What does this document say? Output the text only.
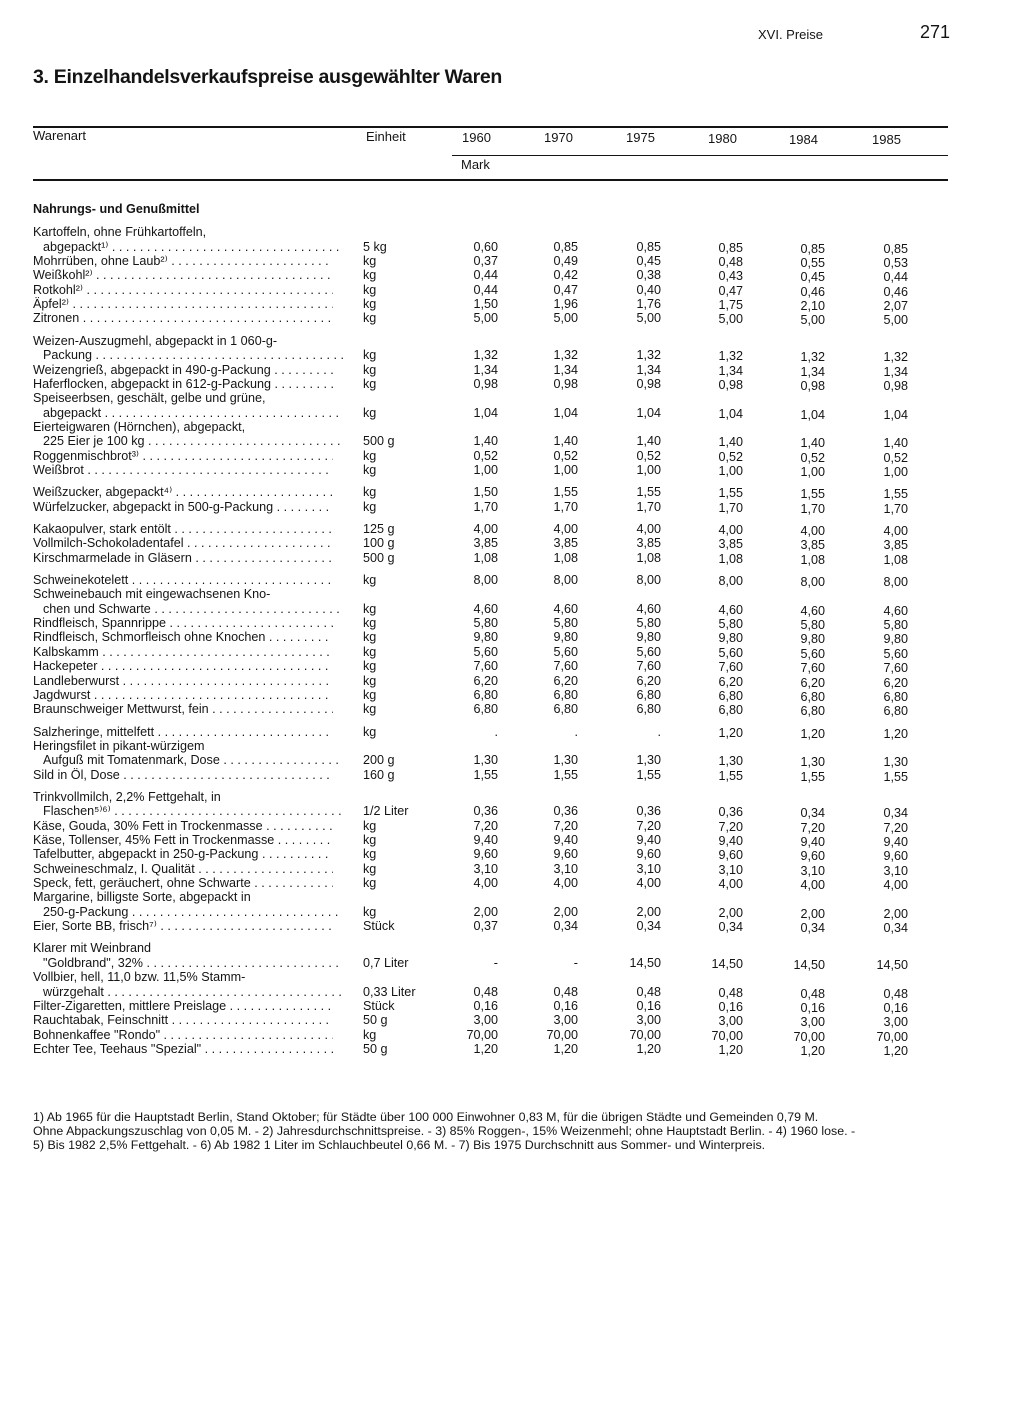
XVI. Preise	271
3. Einzelhandelsverkaufspreise ausgewählter Waren
Warenart	Einheit	1960	1970	1975	1980	1984	1985
Mark
Nahrungs- und Genußmittel
Kartoffeln, ohne Frühkartoffeln,
abgepackt¹⁾ . . .	5 kg	0,60	0,85	0,85	0,85	0,85	0,85
Mohrrüben, ohne Laub²⁾ . . .	kg	0,37	0,49	0,45	0,48	0,55	0,53
Weißkohl²⁾ . . .	kg	0,44	0,42	0,38	0,43	0,45	0,44
Rotkohl²⁾ . . .	kg	0,44	0,47	0,40	0,47	0,46	0,46
Äpfel²⁾ . . .	kg	1,50	1,96	1,76	1,75	2,10	2,07
Zitronen . . .	kg	5,00	5,00	5,00	5,00	5,00	5,00
Weizen-Auszugmehl, abgepackt in 1 060-g-
Packung . . .	kg	1,32	1,32	1,32	1,32	1,32	1,32
Weizengrieß, abgepackt in 490-g-Packung . . .	kg	1,34	1,34	1,34	1,34	1,34	1,34
Haferflocken, abgepackt in 612-g-Packung . . .	kg	0,98	0,98	0,98	0,98	0,98	0,98
Speiseerbsen, geschält, gelbe und grüne,
abgepackt . . .	kg	1,04	1,04	1,04	1,04	1,04	1,04
Eierteigwaren (Hörnchen), abgepackt,
225 Eier je 100 kg . . .	500 g	1,40	1,40	1,40	1,40	1,40	1,40
Roggenmischbrot³⁾ . . .	kg	0,52	0,52	0,52	0,52	0,52	0,52
Weißbrot . . .	kg	1,00	1,00	1,00	1,00	1,00	1,00
Weißzucker, abgepackt⁴⁾ . . .	kg	1,50	1,55	1,55	1,55	1,55	1,55
Würfelzucker, abgepackt in 500-g-Packung . . .	kg	1,70	1,70	1,70	1,70	1,70	1,70
Kakaopulver, stark entölt . . .	125 g	4,00	4,00	4,00	4,00	4,00	4,00
Vollmilch-Schokoladentafel . . .	100 g	3,85	3,85	3,85	3,85	3,85	3,85
Kirschmarmelade in Gläsern . . .	500 g	1,08	1,08	1,08	1,08	1,08	1,08
Schweinekotelett . . .	kg	8,00	8,00	8,00	8,00	8,00	8,00
Schweinebauch mit eingewachsenen Kno-
chen und Schwarte . . .	kg	4,60	4,60	4,60	4,60	4,60	4,60
Rindfleisch, Spannrippe . . .	kg	5,80	5,80	5,80	5,80	5,80	5,80
Rindfleisch, Schmorfleisch ohne Knochen . . .	kg	9,80	9,80	9,80	9,80	9,80	9,80
Kalbskamm . . .	kg	5,60	5,60	5,60	5,60	5,60	5,60
Hackepeter . . .	kg	7,60	7,60	7,60	7,60	7,60	7,60
Landleberwurst . . .	kg	6,20	6,20	6,20	6,20	6,20	6,20
Jagdwurst . . .	kg	6,80	6,80	6,80	6,80	6,80	6,80
Braunschweiger Mettwurst, fein . . .	kg	6,80	6,80	6,80	6,80	6,80	6,80
Salzheringe, mittelfett . . .	kg	.	.	.	1,20	1,20	1,20
Heringsfilet in pikant-würzigem
Aufguß mit Tomatenmark, Dose . . .	200 g	1,30	1,30	1,30	1,30	1,30	1,30
Sild in Öl, Dose . . .	160 g	1,55	1,55	1,55	1,55	1,55	1,55
Trinkvollmilch, 2,2% Fettgehalt, in
Flaschen⁵⁾⁶⁾ . . .	1/2 Liter	0,36	0,36	0,36	0,36	0,34	0,34
Käse, Gouda, 30% Fett in Trockenmasse . . .	kg	7,20	7,20	7,20	7,20	7,20	7,20
Käse, Tollenser, 45% Fett in Trockenmasse . . .	kg	9,40	9,40	9,40	9,40	9,40	9,40
Tafelbutter, abgepackt in 250-g-Packung . . .	kg	9,60	9,60	9,60	9,60	9,60	9,60
Schweineschmalz, I. Qualität . . .	kg	3,10	3,10	3,10	3,10	3,10	3,10
Speck, fett, geräuchert, ohne Schwarte . . .	kg	4,00	4,00	4,00	4,00	4,00	4,00
Margarine, billigste Sorte, abgepackt in
250-g-Packung . . .	kg	2,00	2,00	2,00	2,00	2,00	2,00
Eier, Sorte BB, frisch⁷⁾ . . .	Stück	0,37	0,34	0,34	0,34	0,34	0,34
Klarer mit Weinbrand
"Goldbrand", 32% . . .	0,7 Liter	-	-	14,50	14,50	14,50	14,50
Vollbier, hell, 11,0 bzw. 11,5% Stamm-
würzgehalt . . .	0,33 Liter	0,48	0,48	0,48	0,48	0,48	0,48
Filter-Zigaretten, mittlere Preislage . . .	Stück	0,16	0,16	0,16	0,16	0,16	0,16
Rauchtabak, Feinschnitt . . .	50 g	3,00	3,00	3,00	3,00	3,00	3,00
Bohnenkaffee "Rondo" . . .	kg	70,00	70,00	70,00	70,00	70,00	70,00
Echter Tee, Teehaus "Spezial" . . .	50 g	1,20	1,20	1,20	1,20	1,20	1,20
1) Ab 1965 für die Hauptstadt Berlin, Stand Oktober; für Städte über 100 000 Einwohner 0,83 M, für die übrigen Städte und Gemeinden 0,79 M.
Ohne Abpackungszuschlag von 0,05 M. - 2) Jahresdurchschnittspreise. - 3) 85% Roggen-, 15% Weizenmehl; ohne Hauptstadt Berlin. - 4) 1960 lose. -
5) Bis 1982 2,5% Fettgehalt. - 6) Ab 1982 1 Liter im Schlauchbeutel 0,66 M. - 7) Bis 1975 Durchschnitt aus Sommer- und Winterpreis.
